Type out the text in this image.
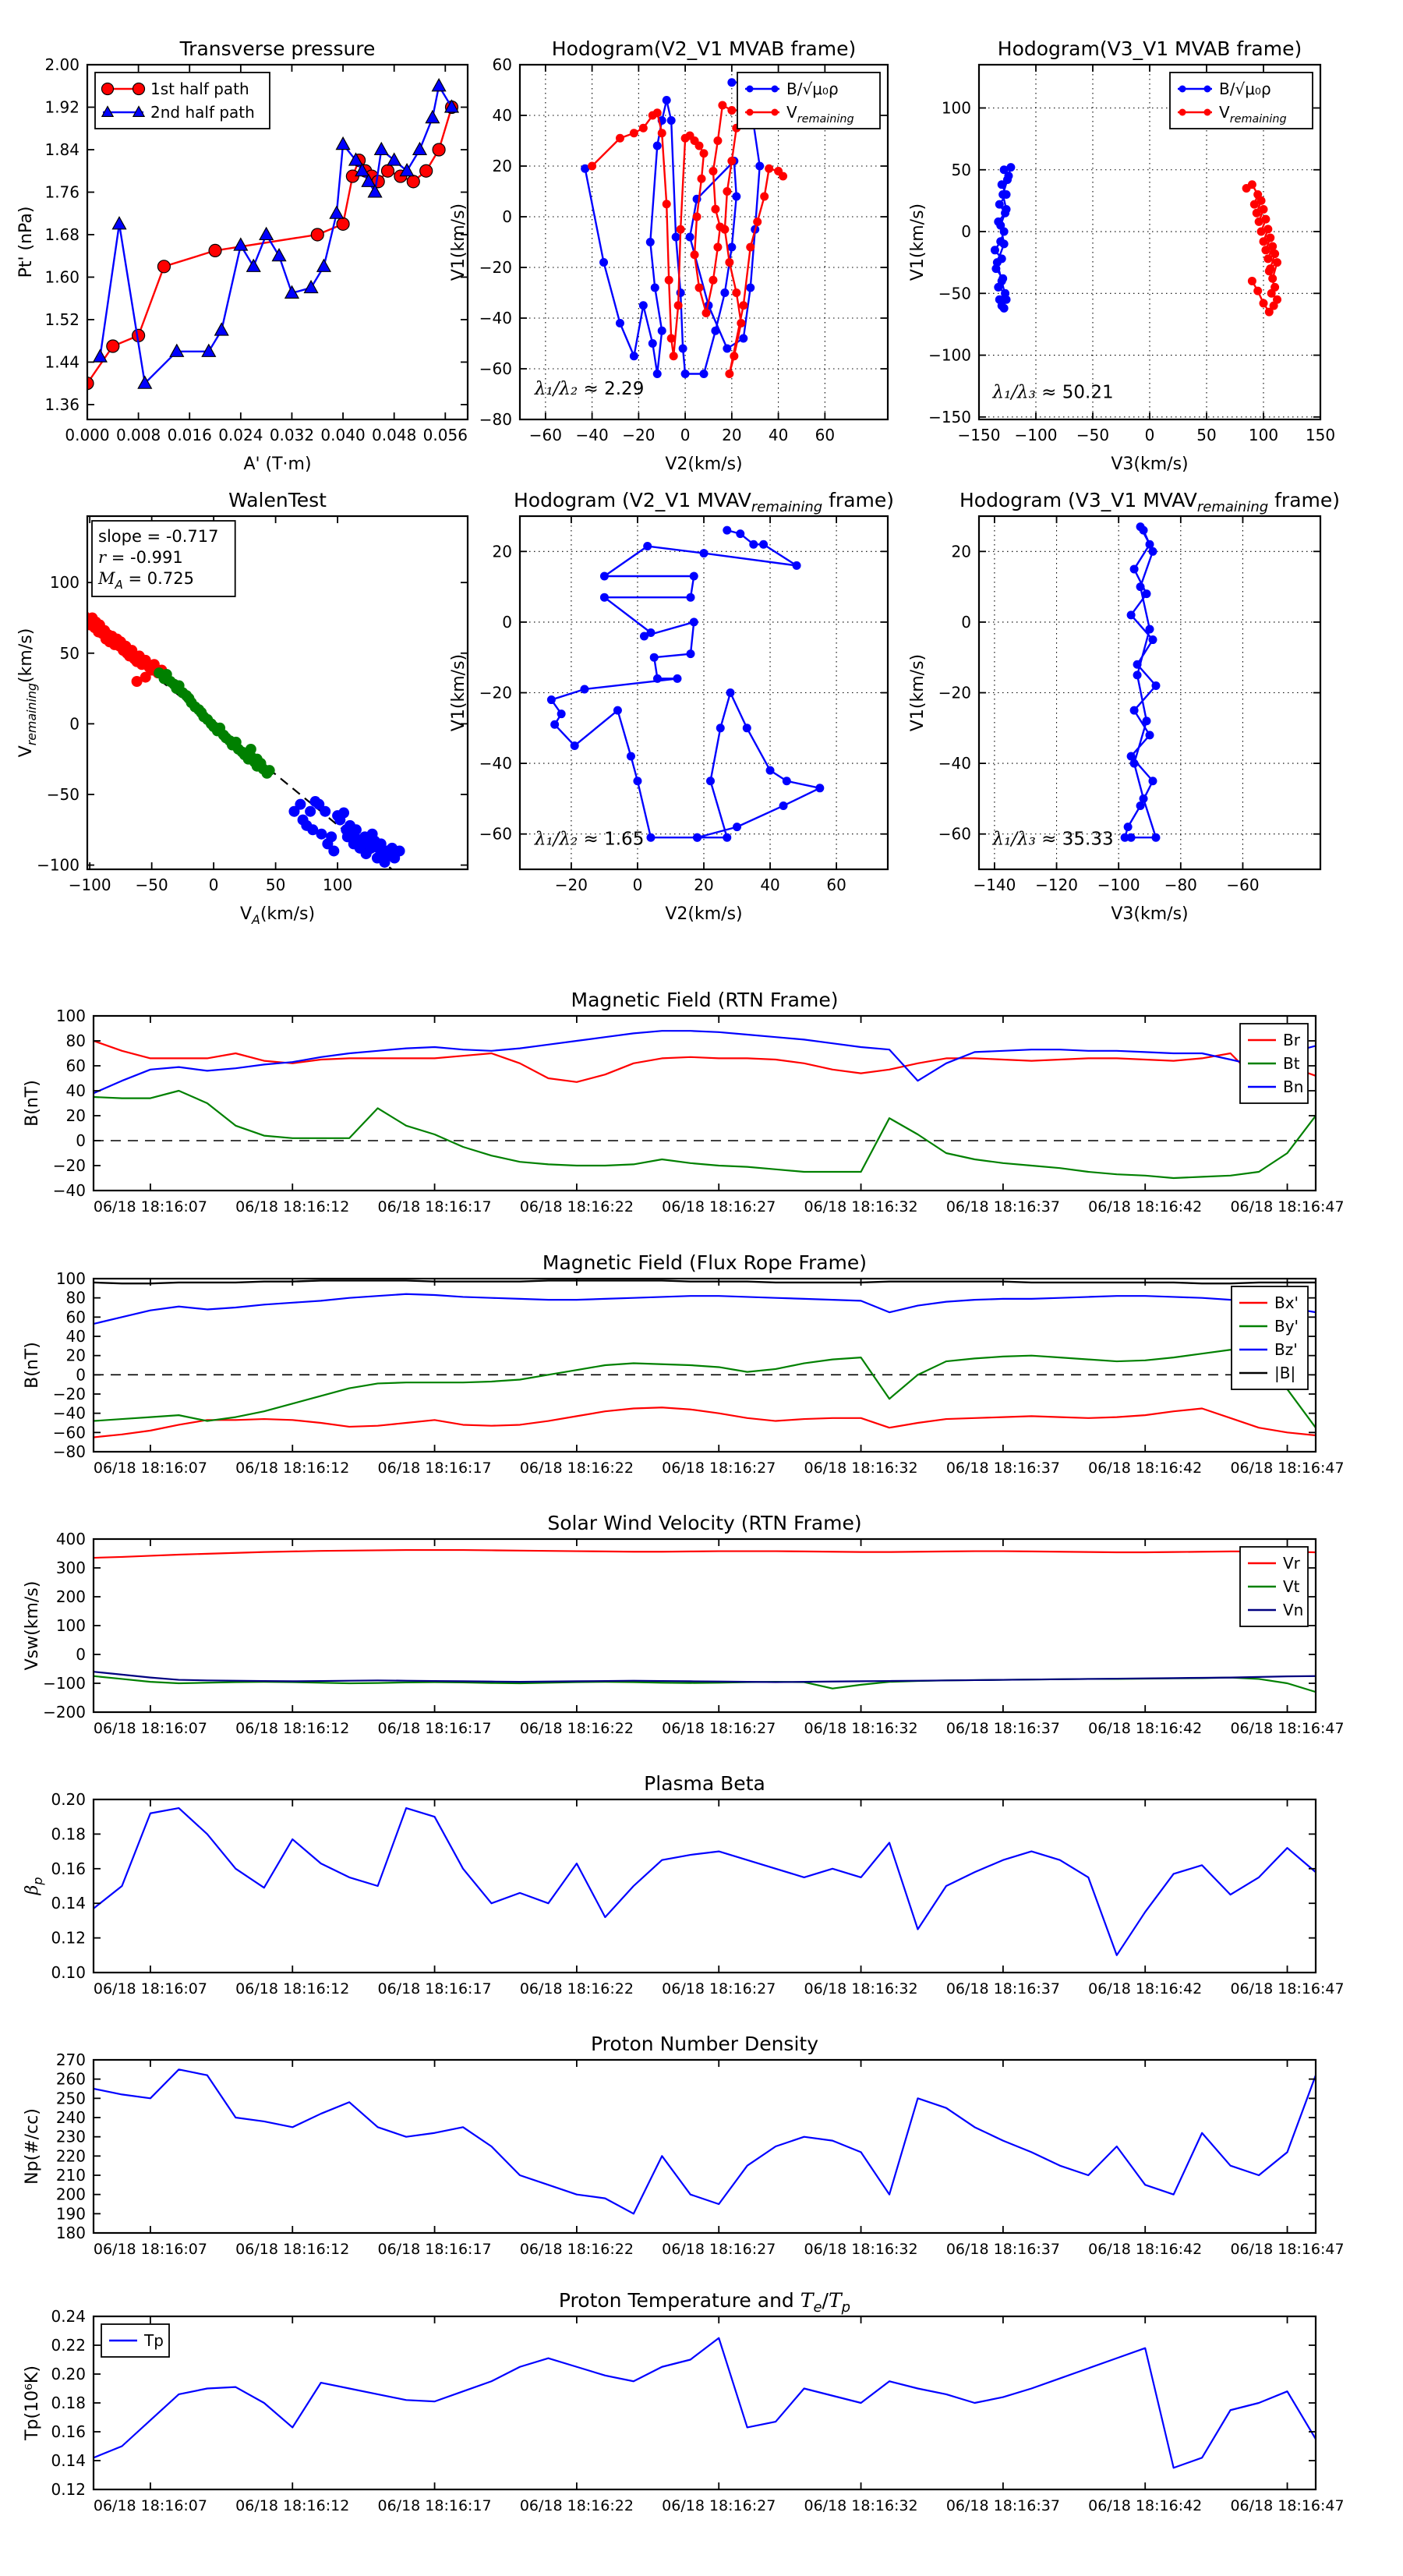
0.000 0.008 0.016 0.024 0.032 0.040 0.048 0.056
1.36
1.44
1.52
1.60
1.68
1.76
1.84
1.92
2.00
Transverse pressure
A' (T·m)
Pt' (nPa)
1st half path
2nd half path
−60 −40 −20 0 20 40 60
−80
−60
−40
−20
0
20
40
60
Hodogram(V2_V1 MVAB frame)
V2(km/s)
V1(km/s)
λ₁/λ₂ ≈ 2.29
B/√μ₀ρ
$V_{remaining}$
−150 −100 −50 0	50 100 150
−150
−100
−50
0
50
100
Hodogram(V3_V1 MVAB frame)
V3(km/s)
V1(km/s)
λ₁/λ₃ ≈ 50.21
B/√μ₀ρ
$V_{remaining}$
−100 −50	0	50 100
−100
−50
0
50
100
WalenTest
$V_A(km/s)$
$V_{remaining}(km/s)$
slope = -0.717
r = -0.991
$M_A = 0.725$
−20	0	20	40	60
−60
−40
−20
0
20
Hodogram (V2_V1 $MVAV_{remaining}$ frame)
V2(km/s)
V1(km/s)
λ₁/λ₂ ≈ 1.65
−140 −120 −100 −80 −60
−60
−40
−20
0
20
Hodogram (V3_V1 $MVAV_{remaining}$ frame)
V3(km/s)
V1(km/s)
λ₁/λ₃ ≈ 35.33
06/18 18:16:07 06/18 18:16:12 06/18 18:16:17 06/18 18:16:22 06/18 18:16:27 06/18 18:16:32 06/18 18:16:37 06/18 18:16:42 06/18 18:16:47
−40
−20
0
20
40
60
80
100
Magnetic Field (RTN Frame)
B(nT)
Br
Bt
Bn
06/18 18:16:07 06/18 18:16:12 06/18 18:16:17 06/18 18:16:22 06/18 18:16:27 06/18 18:16:32 06/18 18:16:37 06/18 18:16:42 06/18 18:16:47
−80
−60
−40
−20
0
20
40
60
80
100
Magnetic Field (Flux Rope Frame)
B(nT)
Bx'
By'
Bz'
|B|
06/18 18:16:07 06/18 18:16:12 06/18 18:16:17 06/18 18:16:22 06/18 18:16:27 06/18 18:16:32 06/18 18:16:37 06/18 18:16:42 06/18 18:16:47
−200
−100
0
100
200
300
400
Solar Wind Velocity (RTN Frame)
Vsw(km/s)
Vr
Vt
Vn
06/18 18:16:07 06/18 18:16:12 06/18 18:16:17 06/18 18:16:22 06/18 18:16:27 06/18 18:16:32 06/18 18:16:37 06/18 18:16:42 06/18 18:16:47
0.10
0.12
0.14
0.16
0.18
0.20
Plasma Beta
$\beta_p$
06/18 18:16:07 06/18 18:16:12 06/18 18:16:17 06/18 18:16:22 06/18 18:16:27 06/18 18:16:32 06/18 18:16:37 06/18 18:16:42 06/18 18:16:47
180
190
200
210
220
230
240
250
260
270
Proton Number Density
Np(#/cc)
06/18 18:16:07 06/18 18:16:12 06/18 18:16:17 06/18 18:16:22 06/18 18:16:27 06/18 18:16:32 06/18 18:16:37 06/18 18:16:42 06/18 18:16:47
0.12
0.14
0.16
0.18
0.20
0.22
0.24
Proton Temperature and $T_e/T_p$
Tp(10⁶K)
Tp
